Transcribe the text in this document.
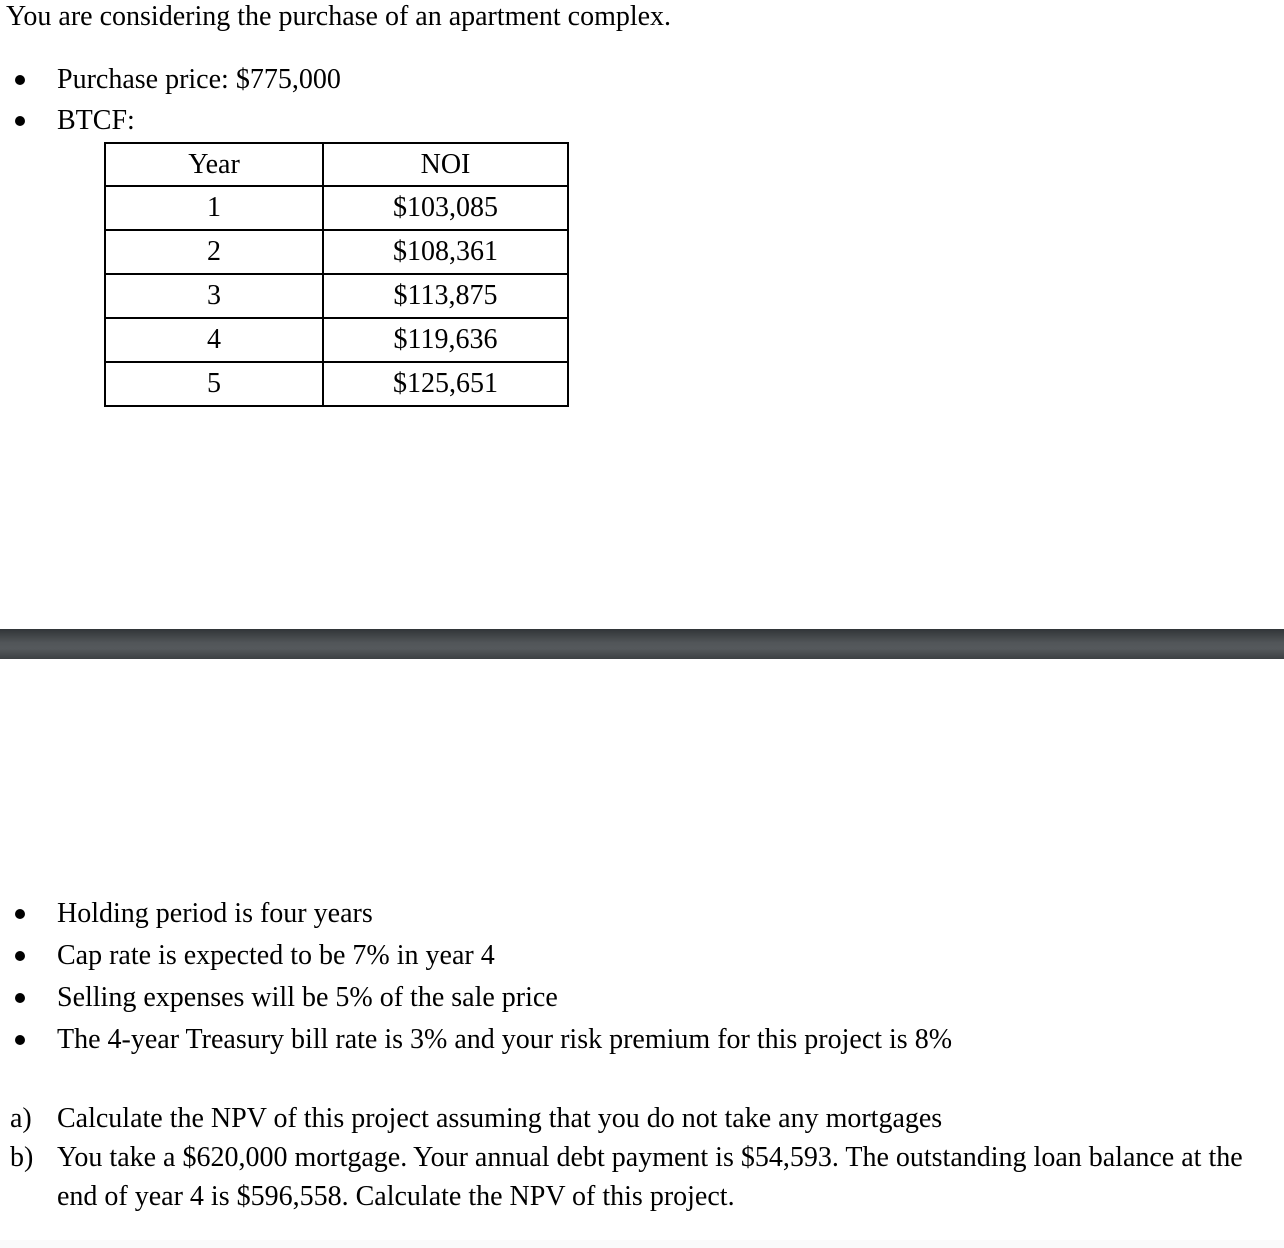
You are considering the purchase of an apartment complex.
Purchase price: $775,000
BTCF:
Year	NOI
1	$103,085
2	$108,361
3	$113,875
4	$119,636
5	$125,651
Holding period is four years
Cap rate is expected to be 7% in year 4
Selling expenses will be 5% of the sale price
The 4-year Treasury bill rate is 3% and your risk premium for this project is 8%
a) Calculate the NPV of this project assuming that you do not take any mortgages
b) You take a $620,000 mortgage. Your annual debt payment is $54,593. The outstanding loan balance at the end of year 4 is $596,558. Calculate the NPV of this project.
